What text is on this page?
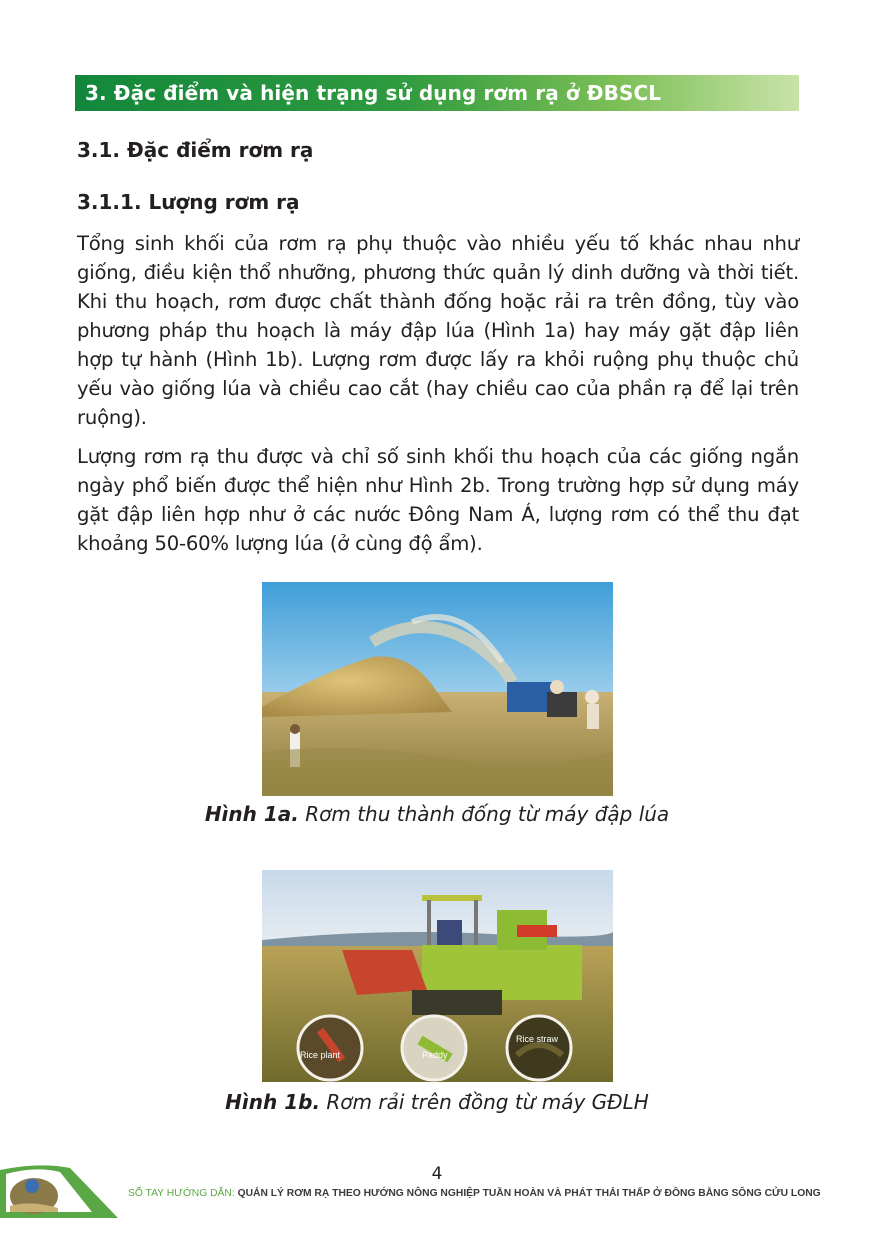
3. Đặc điểm và hiện trạng sử dụng rơm rạ ở ĐBSCL
3.1. Đặc điểm rơm rạ
3.1.1. Lượng rơm rạ

Tổng sinh khối của rơm rạ phụ thuộc vào nhiều yếu tố khác nhau như giống, điều kiện thổ nhưỡng, phương thức quản lý dinh dưỡng và thời tiết. Khi thu hoạch, rơm được chất thành đống hoặc rải ra trên đồng, tùy vào phương pháp thu hoạch là máy đập lúa (Hình 1a) hay máy gặt đập liên hợp tự hành (Hình 1b). Lượng rơm được lấy ra khỏi ruộng phụ thuộc chủ yếu vào giống lúa và chiều cao cắt (hay chiều cao của phần rạ để lại trên ruộng).

Lượng rơm rạ thu được và chỉ số sinh khối thu hoạch của các giống ngắn ngày phổ biến được thể hiện như Hình 2b. Trong trường hợp sử dụng máy gặt đập liên hợp như ở các nước Đông Nam Á, lượng rơm có thể thu đạt khoảng 50-60% lượng lúa (ở cùng độ ẩm).

Hình 1a. Rơm thu thành đống từ máy đập lúa
Rice plant	Paddy
Rice straw
Hình 1b. Rơm rải trên đồng từ máy GĐLH
4
SỔ TAY HƯỚNG DẪN: QUẢN LÝ RƠM RẠ THEO HƯỚNG NÔNG NGHIỆP TUẦN HOÀN VÀ PHÁT THẢI THẤP Ở ĐỒNG BẰNG SÔNG CỬU LONG
